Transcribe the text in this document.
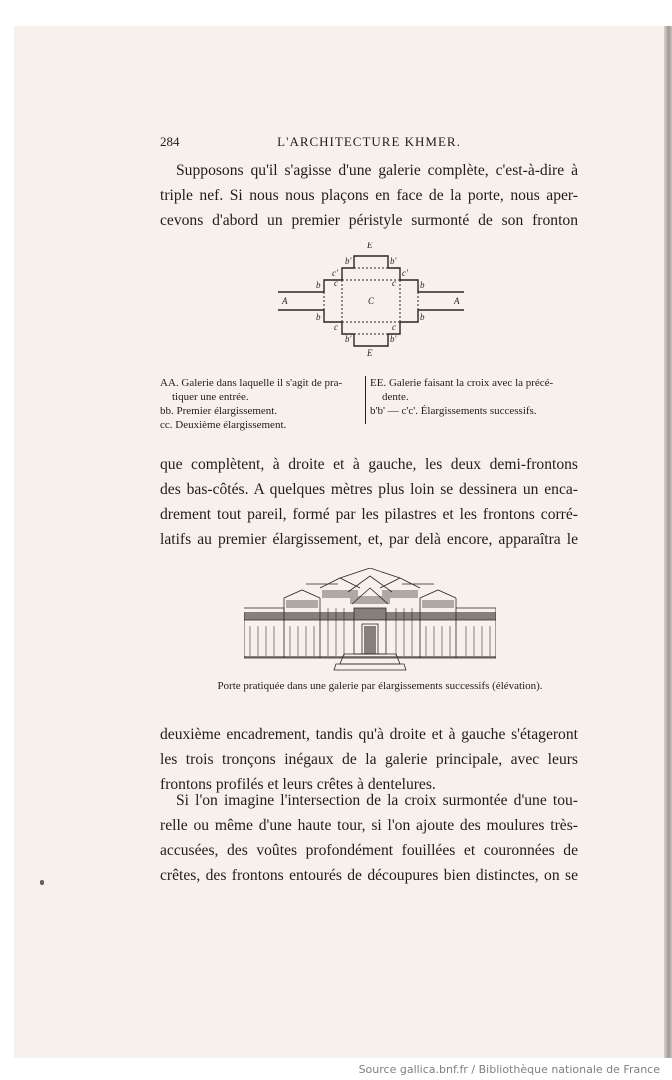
284	L'ARCHITECTURE KHMER.
Supposons qu'il s'agisse d'une galerie complète, c'est-à-dire à
triple nef. Si nous nous plaçons en face de la porte, nous aper-
cevons d'abord un premier péristyle surmonté de son fronton
E
E
A	A
C
b'	b'
c'	c'
b	b
b	b
c	c
c	c
b'	b'
AA. Galerie dans laquelle il s'agit de pra-
tiquer une entrée.
bb. Premier élargissement.
cc. Deuxième élargissement.
EE. Galerie faisant la croix avec la précé-
dente.
b'b' — c'c'. Élargissements successifs.
que complètent, à droite et à gauche, les deux demi-frontons
des bas-côtés. A quelques mètres plus loin se dessinera un enca-
drement tout pareil, formé par les pilastres et les frontons corré-
latifs au premier élargissement, et, par delà encore, apparaîtra le
Porte pratiquée dans une galerie par élargissements successifs (élévation).
deuxième encadrement, tandis qu'à droite et à gauche s'étageront
les trois tronçons inégaux de la galerie principale, avec leurs
frontons profilés et leurs crêtes à dentelures.
Si l'on imagine l'intersection de la croix surmontée d'une tou-
relle ou même d'une haute tour, si l'on ajoute des moulures très-
accusées, des voûtes profondément fouillées et couronnées de
crêtes, des frontons entourés de découpures bien distinctes, on se
Source gallica.bnf.fr / Bibliothèque nationale de France
